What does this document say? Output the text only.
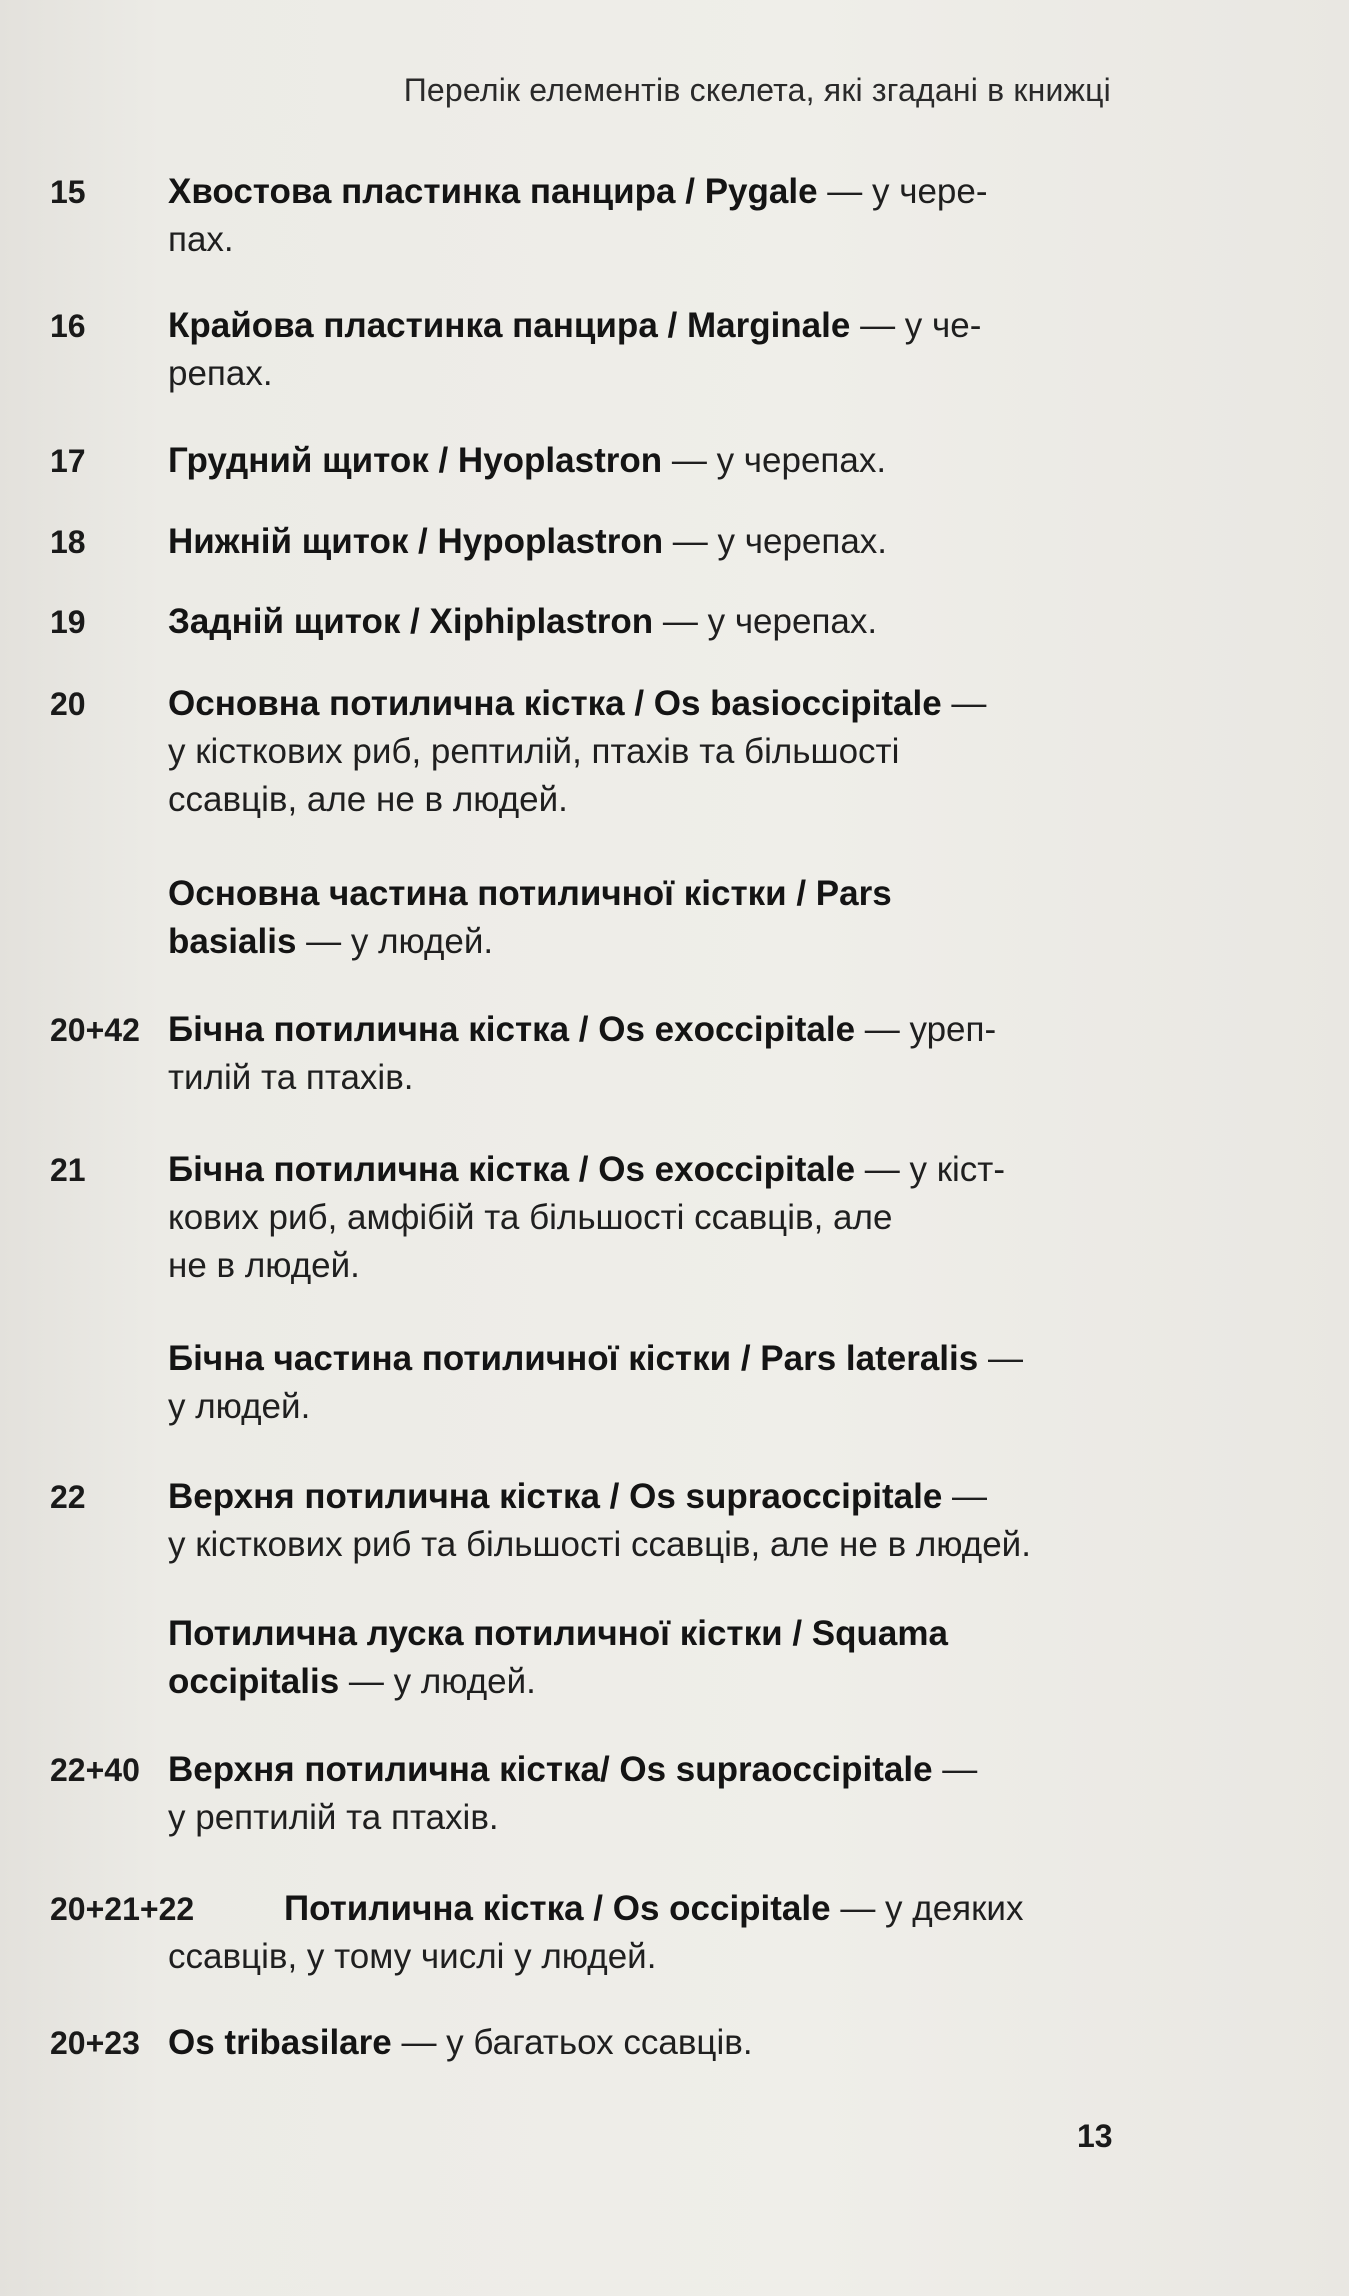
Перелік елементів скелета, які згадані в книжці
15 Хвостова пластинка панцира / Pygale — у чере-
пах.
16 Крайова пластинка панцира / Marginale — у че-
репах.
17 Грудний щиток / Hyoplastron — у черепах.
18 Нижній щиток / Hypoplastron — у черепах.
19 Задній щиток / Xiphiplastron — у черепах.
20 Основна потилична кістка / Os basioccipitale —
у кісткових риб, рептилій, птахів та більшості
ссавців, але не в людей.
Основна частина потиличної кістки / Pars
basialis — у людей.
20+42 Бічна потилична кістка / Os exoccipitale — уреп-
тилій та птахів.
21 Бічна потилична кістка / Os exoccipitale — у кіст-
кових риб, амфібій та більшості ссавців, але
не в людей.
Бічна частина потиличної кістки / Pars lateralis —
у людей.
22 Верхня потилична кістка / Os supraoccipitale —
у кісткових риб та більшості ссавців, але не в людей.
Потилична луска потиличної кістки / Squama
occipitalis — у людей.
22+40 Верхня потилична кістка/ Os supraoccipitale —
у рептилій та птахів.
20+21+22	Потилична кістка / Os occipitale — у деяких
ссавців, у тому числі у людей.
20+23 Os tribasilare — у багатьох ссавців.
13
